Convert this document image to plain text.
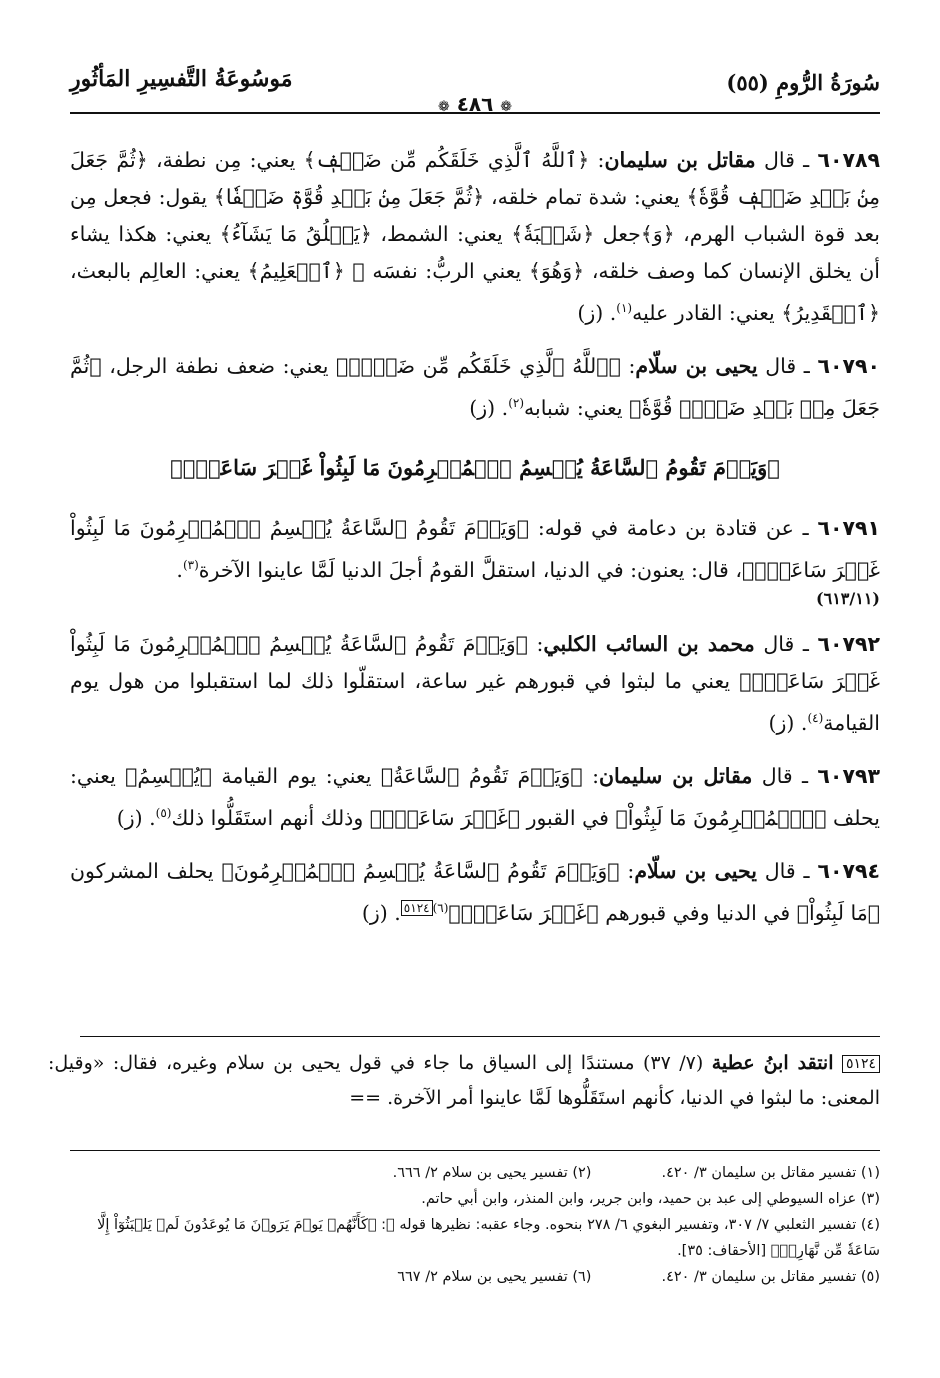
سُورَةُ الرُّومِ (٥٥)
مَوسُوعَةُ التَّفسِيرِ المَأثُورِ
❁ ٤٨٦ ❁

٦٠٧٨٩ ـ قال مقاتل بن سليمان: ﴿ٱللَّهُ ٱلَّذِي خَلَقَكُم مِّن ضَعۡفٖ﴾ يعني: مِن نطفة، ﴿ثُمَّ جَعَلَ مِنۢ بَعۡدِ ضَعۡفٖ قُوَّةٗ﴾ يعني: شدة تمام خلقه، ﴿ثُمَّ جَعَلَ مِنۢ بَعۡدِ قُوَّةٖ ضَعۡفٗا﴾ يقول: فجعل مِن بعد قوة الشباب الهرم، ﴿وَ﴾جعل ﴿شَيۡبَةٗ﴾ يعني: الشمط، ﴿يَخۡلُقُ مَا يَشَآءُ﴾ يعني: هكذا يشاء أن يخلق الإنسان كما وصف خلقه، ﴿وَهُوَ﴾ يعني الربُّ: نفسَه ﷻ ﴿ٱلۡعَلِيمُ﴾ يعني: العالِم بالبعث، ﴿ٱلۡقَدِيرُ﴾ يعني: القادر عليه$^{(١)}$. (ز)

٦٠٧٩٠ ـ قال يحيى بن سلّام: ﴿ٱللَّهُ ٱلَّذِي خَلَقَكُم مِّن ضَعۡفٖ﴾ يعني: ضعف نطفة الرجل، ﴿ثُمَّ جَعَلَ مِنۢ بَعۡدِ ضَعۡفٖ قُوَّةٗ﴾ يعني: شبابه$^{(٢)}$. (ز)

﴿وَيَوۡمَ تَقُومُ ٱلسَّاعَةُ يُقۡسِمُ ٱلۡمُجۡرِمُونَ مَا لَبِثُواْ غَيۡرَ سَاعَةٖۚ﴾

٦٠٧٩١ ـ عن قتادة بن دعامة في قوله: ﴿وَيَوۡمَ تَقُومُ ٱلسَّاعَةُ يُقۡسِمُ ٱلۡمُجۡرِمُونَ مَا لَبِثُواْ غَيۡرَ سَاعَةٖۚ﴾، قال: يعنون: في الدنيا، استقلَّ القومُ أجلَ الدنيا لَمَّا عاينوا الآخرة$^{(٣)}$.
(٦١٣/١١)

٦٠٧٩٢ ـ قال محمد بن السائب الكلبي: ﴿وَيَوۡمَ تَقُومُ ٱلسَّاعَةُ يُقۡسِمُ ٱلۡمُجۡرِمُونَ مَا لَبِثُواْ غَيۡرَ سَاعَةٖۚ﴾ يعني ما لبثوا في قبورهم غير ساعة، استقلّوا ذلك لما استقبلوا من هول يوم القيامة$^{(٤)}$. (ز)

٦٠٧٩٣ ـ قال مقاتل بن سليمان: ﴿وَيَوۡمَ تَقُومُ ٱلسَّاعَةُ﴾ يعني: يوم القيامة ﴿يُقۡسِمُ﴾ يعني: يحلف ﴿ٱلۡمُجۡرِمُونَ مَا لَبِثُواْ﴾ في القبور ﴿غَيۡرَ سَاعَةٖۚ﴾ وذلك أنهم استَقَلُّوا ذلك$^{(٥)}$. (ز)

٦٠٧٩٤ ـ قال يحيى بن سلّام: ﴿وَيَوۡمَ تَقُومُ ٱلسَّاعَةُ يُقۡسِمُ ٱلۡمُجۡرِمُونَ﴾ يحلف المشركون ﴿مَا لَبِثُواْ﴾ في الدنيا وفي قبورهم ﴿غَيۡرَ سَاعَةٖۚ﴾$^{(٦)٥١٢٤}$. (ز)

٥١٢٤ انتقد ابنُ عطية (٧/ ٣٧) مستندًا إلى السياق ما جاء في قول يحيى بن سلام وغيره، فقال: «وقيل: المعنى: ما لبثوا في الدنيا، كأنهم استَقَلُّوها لَمَّا عاينوا أمر الآخرة. ==
(١) تفسير مقاتل بن سليمان ٣/ ٤٢٠.
(٢) تفسير يحيى بن سلام ٢/ ٦٦٦.
(٣) عزاه السيوطي إلى عبد بن حميد، وابن جرير، وابن المنذر، وابن أبي حاتم.
(٤) تفسير الثعلبي ٧/ ٣٠٧، وتفسير البغوي ٦/ ٢٧٨ بنحوه. وجاء عقبه: نظيرها قوله ﷻ: ﴿كَأَنَّهُمۡ يَوۡمَ يَرَوۡنَ مَا يُوعَدُونَ لَمۡ يَلۡبَثُوٓاْ إِلَّا سَاعَةٗ مِّن نَّهَارِۭۚ﴾ [الأحقاف: ٣٥].
(٥) تفسير مقاتل بن سليمان ٣/ ٤٢٠.
(٦) تفسير يحيى بن سلام ٢/ ٦٦٧
